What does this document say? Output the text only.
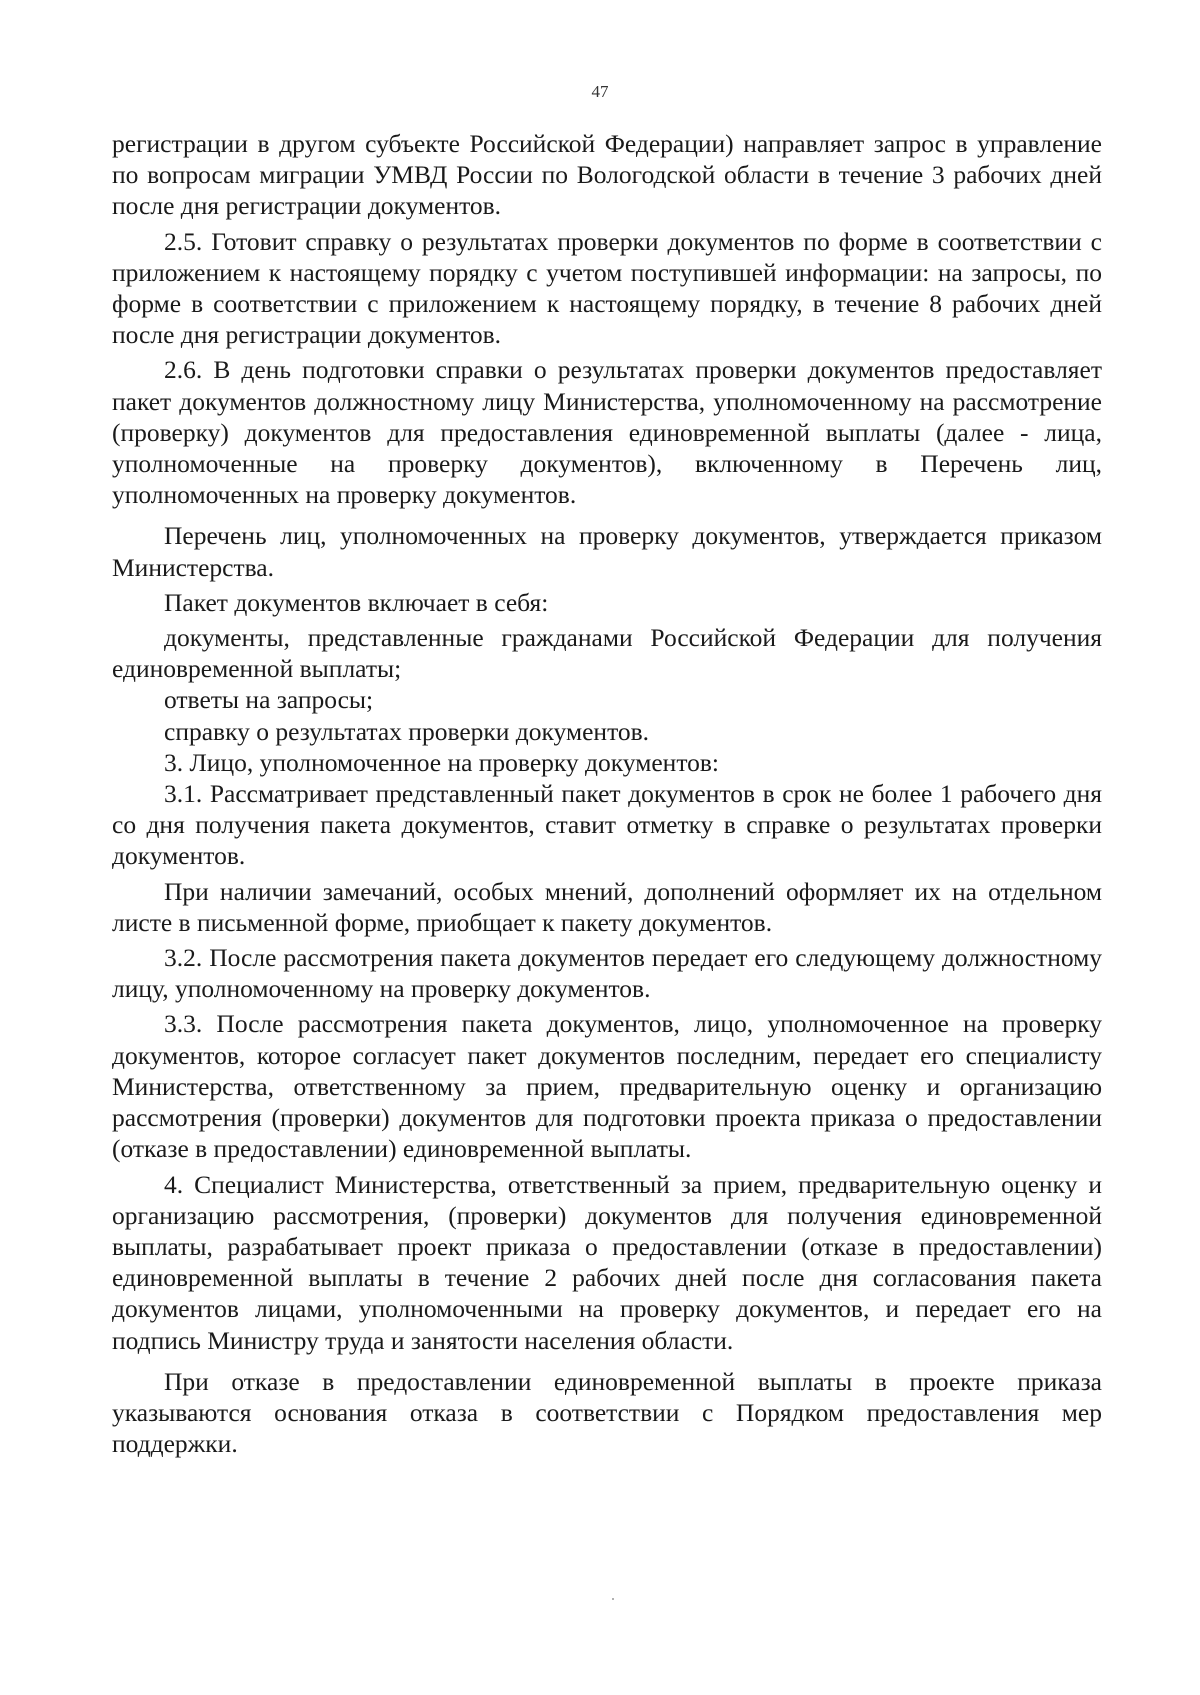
47

регистрации в другом субъекте Российской Федерации) направляет запрос в управление по вопросам миграции УМВД России по Вологодской области в течение 3 рабочих дней после дня регистрации документов.

2.5. Готовит справку о результатах проверки документов по форме в соответствии с приложением к настоящему порядку с учетом поступившей информации: на запросы, по форме в соответствии с приложением к настоящему порядку, в течение 8 рабочих дней после дня регистрации документов.

2.6. В день подготовки справки о результатах проверки документов предоставляет пакет документов должностному лицу Министерства, уполномоченному на рассмотрение (проверку) документов для предоставления единовременной выплаты (далее - лица, уполномоченные на проверку документов), включенному в Перечень лиц, уполномоченных на проверку документов.

Перечень лиц, уполномоченных на проверку документов, утверждается приказом Министерства.

Пакет документов включает в себя:

документы, представленные гражданами Российской Федерации для получения единовременной выплаты;

ответы на запросы;

справку о результатах проверки документов.

3. Лицо, уполномоченное на проверку документов:

3.1. Рассматривает представленный пакет документов в срок не более 1 рабочего дня со дня получения пакета документов, ставит отметку в справке о результатах проверки документов.

При наличии замечаний, особых мнений, дополнений оформляет их на отдельном листе в письменной форме, приобщает к пакету документов.

3.2. После рассмотрения пакета документов передает его следующему должностному лицу, уполномоченному на проверку документов.

3.3. После рассмотрения пакета документов, лицо, уполномоченное на проверку документов, которое согласует пакет документов последним, передает его специалисту Министерства, ответственному за прием, предварительную оценку и организацию рассмотрения (проверки) документов для подготовки проекта приказа о предоставлении (отказе в предоставлении) единовременной выплаты.

4. Специалист Министерства, ответственный за прием, предварительную оценку и организацию рассмотрения, (проверки) документов для получения единовременной выплаты, разрабатывает проект приказа о предоставлении (отказе в предоставлении) единовременной выплаты в течение 2 рабочих дней после дня согласования пакета документов лицами, уполномоченными на проверку документов, и передает его на подпись Министру труда и занятости населения области.

При отказе в предоставлении единовременной выплаты в проекте приказа указываются основания отказа в соответствии с Порядком предоставления мер поддержки.
